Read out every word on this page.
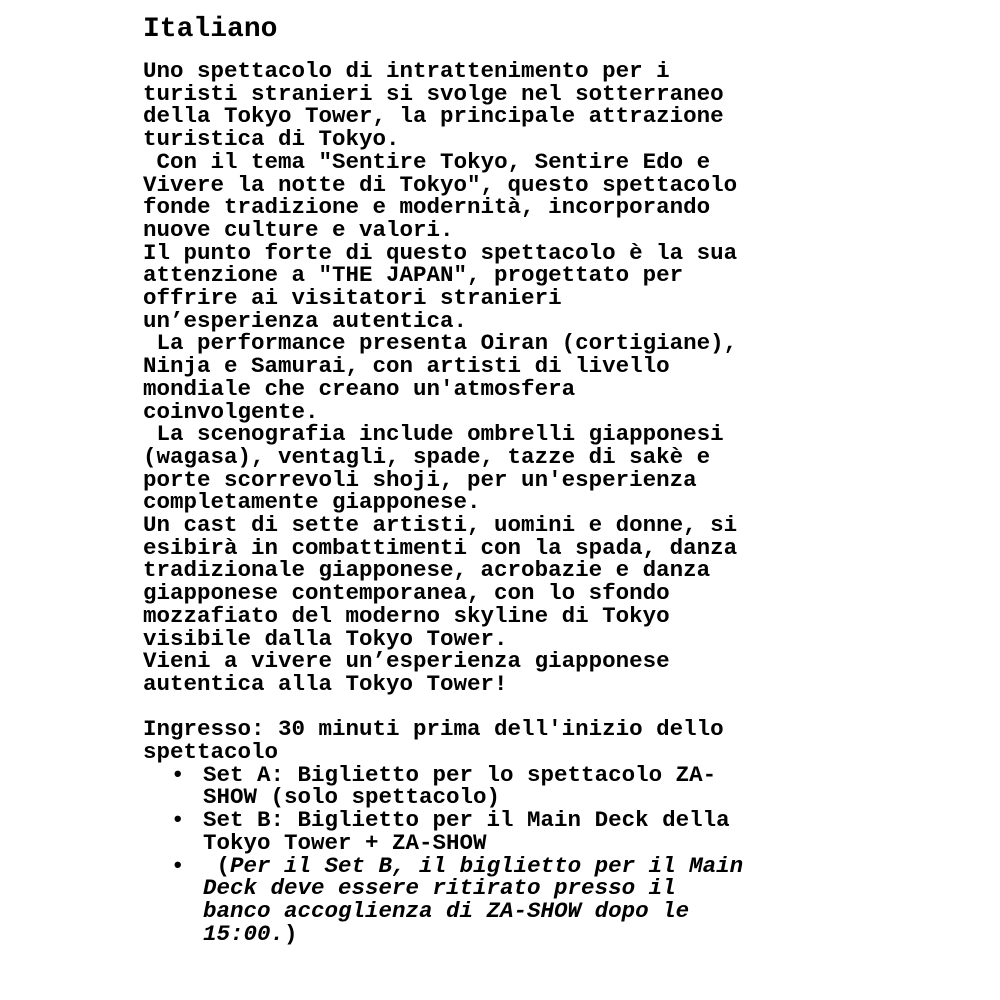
Italiano

Uno spettacolo di intrattenimento per i
turisti stranieri si svolge nel sotterraneo
della Tokyo Tower, la principale attrazione
turistica di Tokyo.

Con il tema "Sentire Tokyo, Sentire Edo e
Vivere la notte di Tokyo", questo spettacolo
fonde tradizione e modernità, incorporando
nuove culture e valori.

Il punto forte di questo spettacolo è la sua
attenzione a "THE JAPAN", progettato per
offrire ai visitatori stranieri
un’esperienza autentica.

La performance presenta Oiran (cortigiane),
Ninja e Samurai, con artisti di livello
mondiale che creano un'atmosfera
coinvolgente.

La scenografia include ombrelli giapponesi
(wagasa), ventagli, spade, tazze di sakè e
porte scorrevoli shoji, per un'esperienza
completamente giapponese.

Un cast di sette artisti, uomini e donne, si
esibirà in combattimenti con la spada, danza
tradizionale giapponese, acrobazie e danza
giapponese contemporanea, con lo sfondo
mozzafiato del moderno skyline di Tokyo
visibile dalla Tokyo Tower.

Vieni a vivere un’esperienza giapponese
autentica alla Tokyo Tower!

Ingresso: 30 minuti prima dell'inizio dello
spettacolo

• Set A: Biglietto per lo spettacolo ZA-
SHOW (solo spettacolo)
• Set B: Biglietto per il Main Deck della
Tokyo Tower + ZA-SHOW
•  (Per il Set B, il biglietto per il Main
Deck deve essere ritirato presso il
banco accoglienza di ZA-SHOW dopo le
15:00.)
